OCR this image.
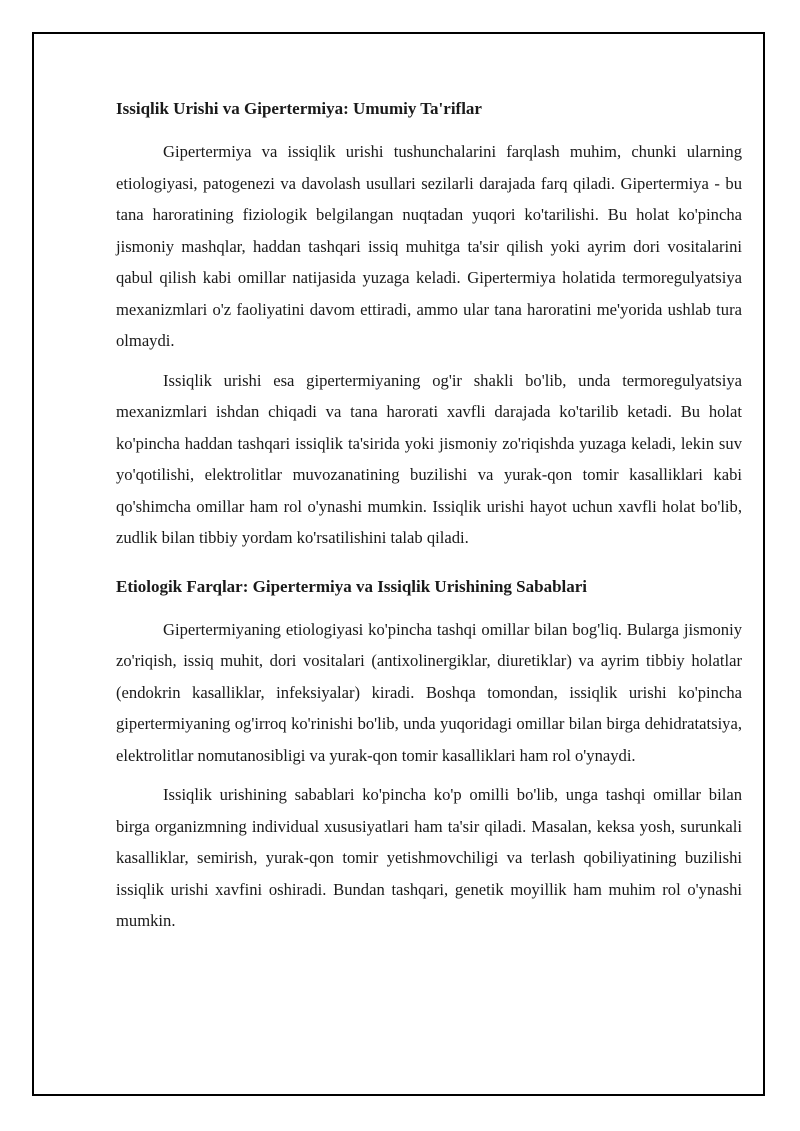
Issiqlik Urishi va Gipertermiya: Umumiy Ta'riflar

Gipertermiya va issiqlik urishi tushunchalarini farqlash muhim, chunki ularning etiologiyasi, patogenezi va davolash usullari sezilarli darajada farq qiladi. Gipertermiya - bu tana haroratining fiziologik belgilangan nuqtadan yuqori ko'tarilishi. Bu holat ko'pincha jismoniy mashqlar, haddan tashqari issiq muhitga ta'sir qilish yoki ayrim dori vositalarini qabul qilish kabi omillar natijasida yuzaga keladi. Gipertermiya holatida termoregulyatsiya mexanizmlari o'z faoliyatini davom ettiradi, ammo ular tana haroratini me'yorida ushlab tura olmaydi.

Issiqlik urishi esa gipertermiyaning og'ir shakli bo'lib, unda termoregulyatsiya mexanizmlari ishdan chiqadi va tana harorati xavfli darajada ko'tarilib ketadi. Bu holat ko'pincha haddan tashqari issiqlik ta'sirida yoki jismoniy zo'riqishda yuzaga keladi, lekin suv yo'qotilishi, elektrolitlar muvozanatining buzilishi va yurak-qon tomir kasalliklari kabi qo'shimcha omillar ham rol o'ynashi mumkin. Issiqlik urishi hayot uchun xavfli holat bo'lib, zudlik bilan tibbiy yordam ko'rsatilishini talab qiladi.

Etiologik Farqlar: Gipertermiya va Issiqlik Urishining Sabablari

Gipertermiyaning etiologiyasi ko'pincha tashqi omillar bilan bog'liq. Bularga jismoniy zo'riqish, issiq muhit, dori vositalari (antixolinergiklar, diuretiklar) va ayrim tibbiy holatlar (endokrin kasalliklar, infeksiyalar) kiradi. Boshqa tomondan, issiqlik urishi ko'pincha gipertermiyaning og'irroq ko'rinishi bo'lib, unda yuqoridagi omillar bilan birga dehidratatsiya, elektrolitlar nomutanosibligi va yurak-qon tomir kasalliklari ham rol o'ynaydi.

Issiqlik urishining sabablari ko'pincha ko'p omilli bo'lib, unga tashqi omillar bilan birga organizmning individual xususiyatlari ham ta'sir qiladi. Masalan, keksa yosh, surunkali kasalliklar, semirish, yurak-qon tomir yetishmovchiligi va terlash qobiliyatining buzilishi issiqlik urishi xavfini oshiradi. Bundan tashqari, genetik moyillik ham muhim rol o'ynashi mumkin.
